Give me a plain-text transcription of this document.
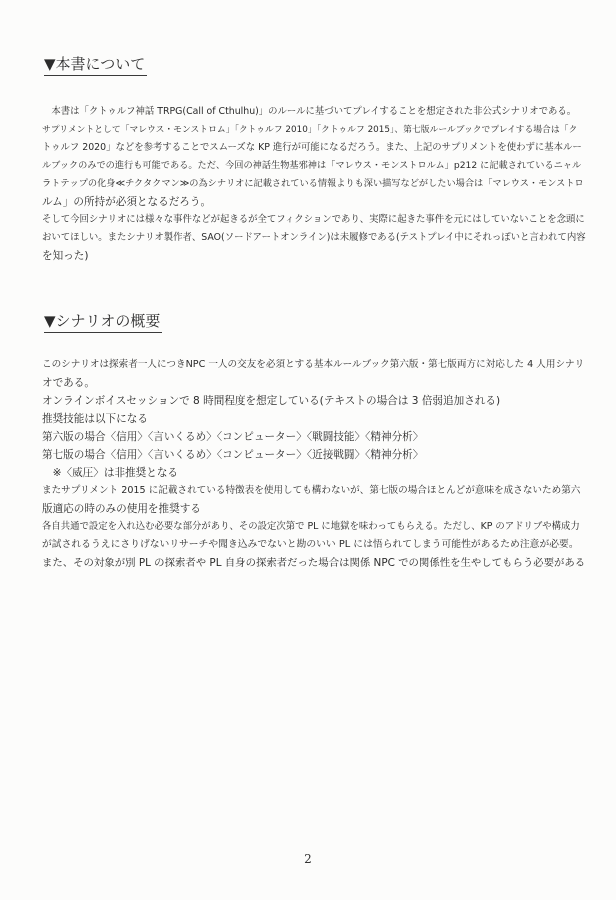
▼本書について

　本書は「クトゥルフ神話 TRPG(Call of Cthulhu)」のルールに基づいてプレイすることを想定された非公式シナリオである。

サプリメントとして「マレウス・モンストロム」「クトゥルフ 2010」「クトゥルフ 2015」、第七版ルールブックでプレイする場合は「ク

トゥルフ 2020」などを参考することでスムーズな KP 進行が可能になるだろう。また、上記のサプリメントを使わずに基本ルー

ルブックのみでの進行も可能である。ただ、今回の神話生物基邪神は「マレウス・モンストロルム」p212 に記載されているニャル

ラトテップの化身≪チクタクマン≫の為シナリオに記載されている情報よりも深い描写などがしたい場合は「マレウス・モンストロ

ルム」の所持が必須となるだろう。

そして今回シナリオには様々な事件などが起きるが全てフィクションであり、実際に起きた事件を元にはしていないことを念頭に

おいてほしい。またシナリオ製作者、SAO(ソードアートオンライン)は未履修である(テストプレイ中にそれっぽいと言われて内容

を知った)

▼シナリオの概要

このシナリオは探索者一人につきNPC 一人の交友を必須とする基本ルールブック第六版・第七版両方に対応した 4 人用シナリ

オである。

オンラインボイスセッションで 8 時間程度を想定している(テキストの場合は 3 倍弱追加される)

推奨技能は以下になる

第六版の場合〈信用〉〈言いくるめ〉〈コンピューター〉〈戦闘技能〉〈精神分析〉

第七版の場合〈信用〉〈言いくるめ〉〈コンピューター〉〈近接戦闘〉〈精神分析〉

　※〈威圧〉は非推奨となる

またサプリメント 2015 に記載されている特徴表を使用しても構わないが、第七版の場合ほとんどが意味を成さないため第六

版適応の時のみの使用を推奨する

各自共通で設定を入れ込む必要な部分があり、その設定次第で PL に地獄を味わってもらえる。ただし、KP のアドリブや構成力

が試されるうえにさりげないリサーチや聞き込みでないと勘のいい PL には悟られてしまう可能性があるため注意が必要。

また、その対象が別 PL の探索者や PL 自身の探索者だった場合は関係 NPC での関係性を生やしてもらう必要がある

2
